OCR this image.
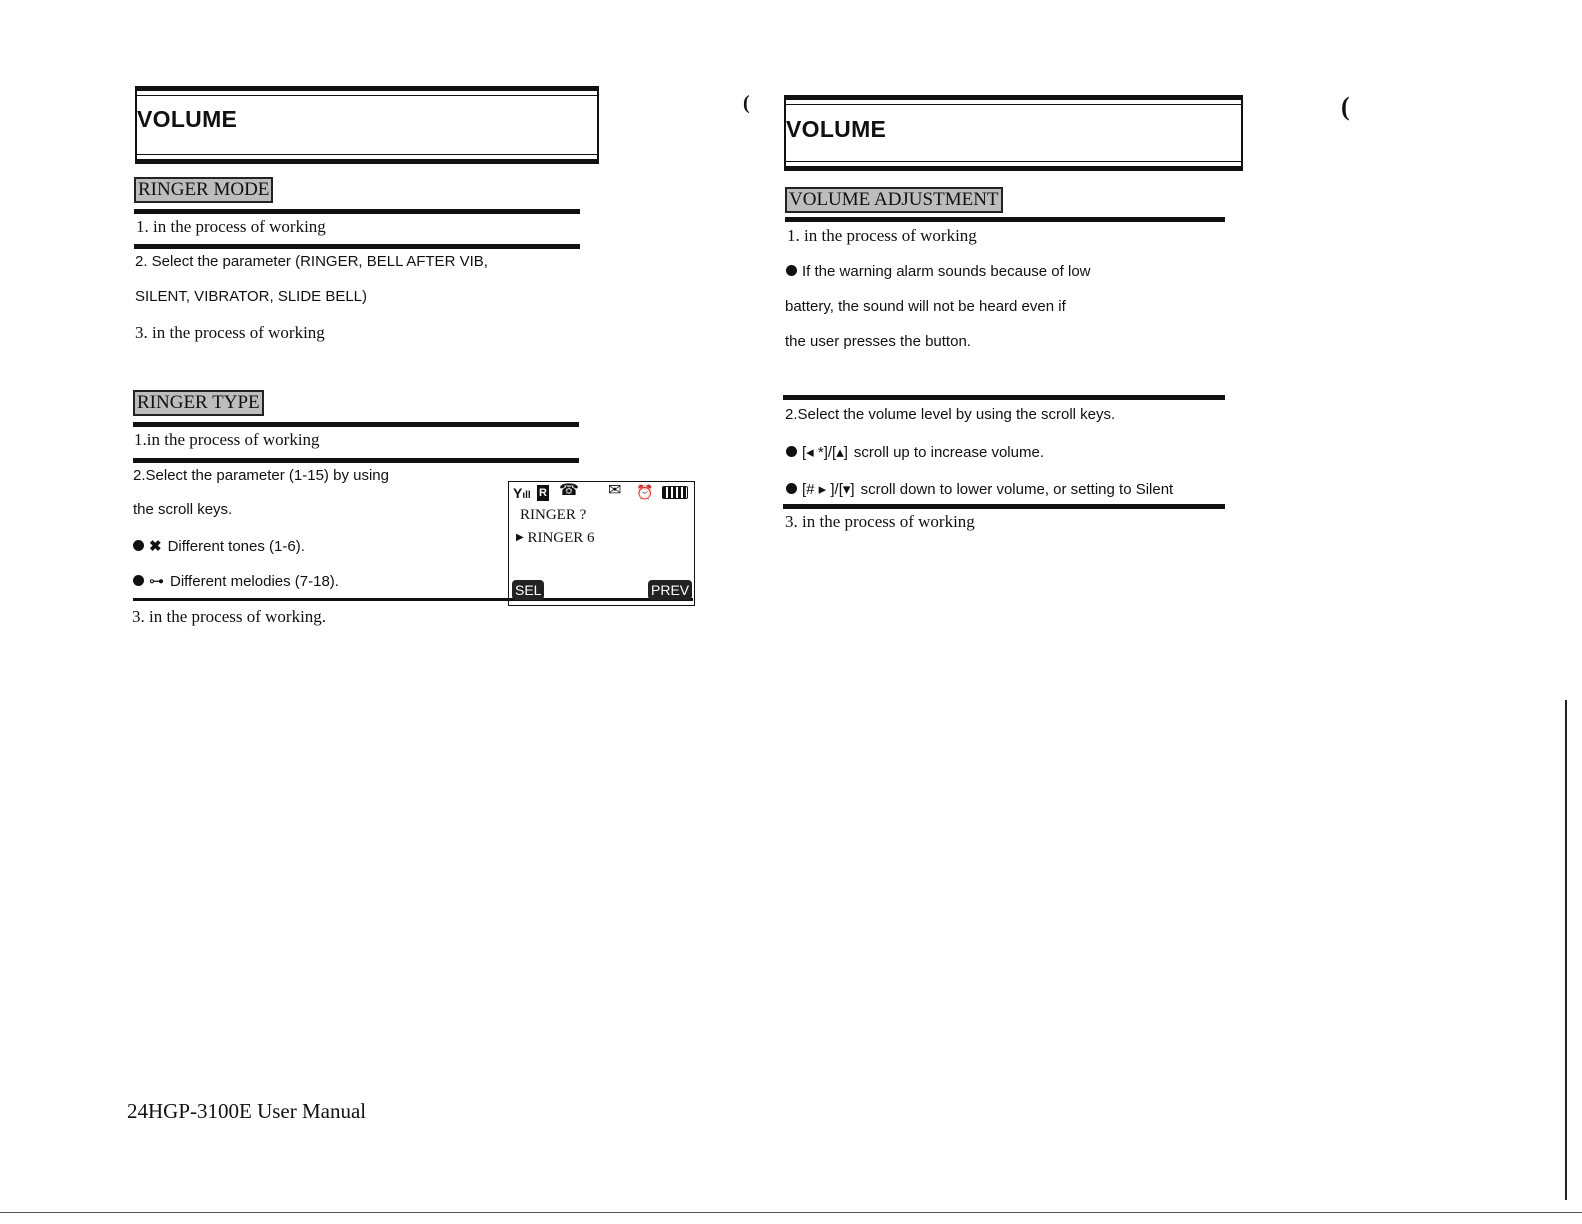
VOLUME
RINGER MODE
1. in the process of working
2. Select the parameter (RINGER, BELL AFTER VIB,
SILENT, VIBRATOR, SLIDE BELL)
3. in the process of working
RINGER TYPE
1.in the process of working
2.Select the parameter (1-15) by using
the scroll keys.
✖ Different tones (1-6).
⊶ Different melodies (7-18).
3. in the process of working.
Yıll R ☎ ✉ ⏰
RINGER ?
▶ RINGER 6
SEL	PREV
(	(
VOLUME
VOLUME ADJUSTMENT
1. in the process of working
If the warning alarm sounds because of low
battery, the sound will not be heard even if
the user presses the button.
2.Select the volume level by using the scroll keys.
[◂ *]/[▴] scroll up to increase volume.
[# ▸ ]/[▾] scroll down to lower volume, or setting to Silent
3. in the process of working
24HGP-3100E User Manual
